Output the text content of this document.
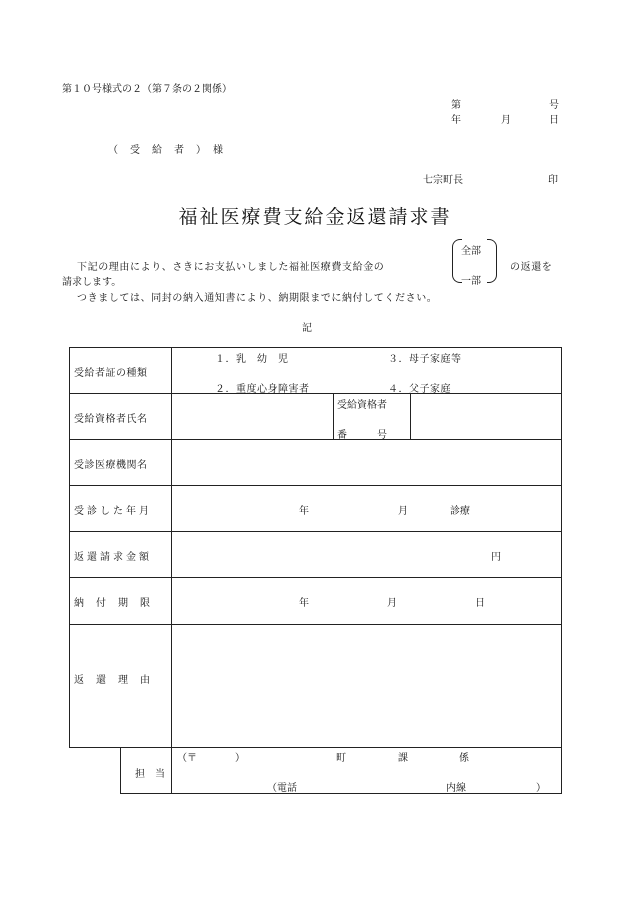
第１０号様式の２（第７条の２関係）
第	号
年	月	日
（　受　給　者　）　様
七宗町長	印
福祉医療費支給金返還請求書
下記の理由により、さきにお支払いしました福祉医療費支給金の
全部
一部
の返還を
請求します。
つきましては、同封の納入通知書により、納期限までに納付してください。
記
受給者証の種類
１．乳　幼　児	３．母子家庭等
２．重度心身障害者	４．父子家庭
受給資格者氏名
受給資格者
番　　　号
受診医療機関名
受診した年月	年	月	診療
返還請求金額	円
納付期限	年	月	日
返還理由
担　当
（〒	）	町	課	係
（電話	内線	）
